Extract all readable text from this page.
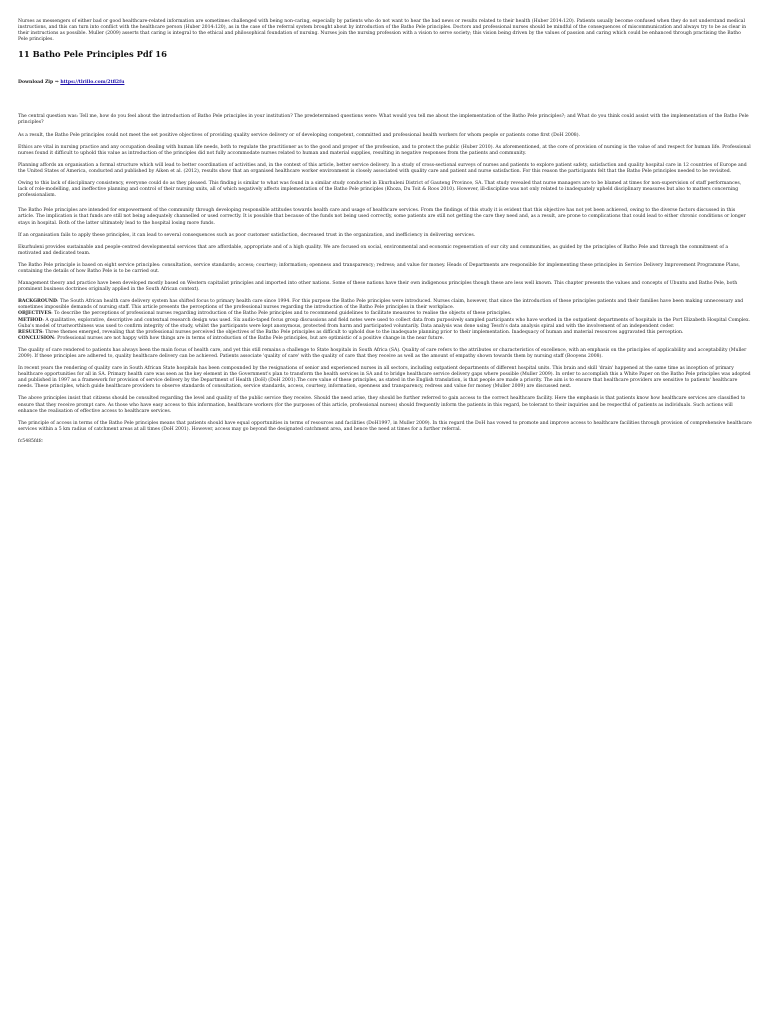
Nurses as messengers of either bad or good healthcare-related information are sometimes challenged with being non-caring, especially by patients who do not want to hear the bad news or results related to their health (Huber 2014:120). Patients usually become confused when they do not understand medical instructions, and this can turn into conflict with the healthcare person (Huber 2014:120), as in the case of the referral system brought about by introduction of the Batho Pele principles. Doctors and professional nurses should be mindful of the consequences of miscommunication and always try to be as clear in their instructions as possible. Muller (2009) asserts that caring is integral to the ethical and philosophical foundation of nursing. Nurses join the nursing profession with a vision to serve society; this vision being driven by the values of passion and caring which could be enhanced through practising the Batho Pele principles.

11 Batho Pele Principles Pdf 16
Download Zip ⇒ https://tlrillo.com/2tfl2fu

The central question was: Tell me, how do you feel about the introduction of Batho Pele principles in your institution? The predetermined questions were: What would you tell me about the implementation of the Batho Pele principles?; and What do you think could assist with the implementation of the Batho Pele principles?

As a result, the Batho Pele principles could not meet the set positive objectives of providing quality service delivery or of developing competent, committed and professional health workers for whom people or patients come first (DoH 2008).

Ethics are vital in nursing practice and any occupation dealing with human life needs, both to regulate the practitioner as to the good and proper of the profession, and to protect the public (Huber 2010). As aforementioned, at the core of provision of nursing is the value of and respect for human life. Professional nurses found it difficult to uphold this value as introduction of the principles did not fully accommodate nurses related to human and material supplies, resulting in negative responses from the patients and community.

Planning affords an organisation a formal structure which will lead to better coordination of activities and, in the context of this article, better service delivery. In a study of cross-sectional surveys of nurses and patients to explore patient safety, satisfaction and quality hospital care in 12 countries of Europe and the United States of America, conducted and published by Aiken et al. (2012), results show that an organised healthcare worker environment is closely associated with quality care and patient and nurse satisfaction. For this reason the participants felt that the Batho Pele principles needed to be revisited.

Owing to this lack of disciplinary consistency, everyone could do as they pleased. This finding is similar to what was found in a similar study conducted in Ekurhuleni District of Gauteng Province, SA. That study revealed that nurse managers are to be blamed at times for non-supervision of staff performances, lack of role-modelling, and ineffective planning and control of their nursing units, all of which negatively affects implementation of the Batho Pele principles (Khoza, Du Toit & Roos 2010). However, ill-discipline was not only related to inadequately upheld disciplinary measures but also to matters concerning professionalism.

The Batho Pele principles are intended for empowerment of the community through developing responsible attitudes towards health care and usage of healthcare services. From the findings of this study it is evident that this objective has not yet been achieved, owing to the diverse factors discussed in this article. The implication is that funds are still not being adequately channelled or used correctly. It is possible that because of the funds not being used correctly, some patients are still not getting the care they need and, as a result, are prone to complications that could lead to either chronic conditions or longer stays in hospital. Both of the latter ultimately lead to the hospital losing more funds.

If an organisation fails to apply these principles, it can lead to several consequences such as poor customer satisfaction, decreased trust in the organization, and inefficiency in delivering services.

Ekurhuleni provides sustainable and people-centred developmental services that are affordable, appropriate and of a high quality. We are focused on social, environmental and economic regeneration of our city and communities, as guided by the principles of Batho Pele and through the commitment of a motivated and dedicated team.

The Batho Pele principle is based on eight service principles: consultation, service standards; access; courtesy; information; openness and transparency; redress; and value for money. Heads of Departments are responsible for implementing these principles in Service Delivery Improvement Programme Plans, containing the details of how Batho Pele is to be carried out.

Management theory and practice have been developed mostly based on Western capitalist principles and imported into other nations. Some of these nations have their own indigenous principles though these are less well known. This chapter presents the values and concepts of Ubuntu and Batho Pele, both prominent business doctrines originally applied in the South African context).

BACKGROUND: The South African health care delivery system has shifted focus to primary health care since 1994. For this purpose the Batho Pele principles were introduced. Nurses claim, however, that since the introduction of these principles patients and their families have been making unnecessary and sometimes impossible demands of nursing staff. This article presents the perceptions of the professional nurses regarding the introduction of the Batho Pele principles in their workplace.

OBJECTIVES: To describe the perceptions of professional nurses regarding introduction of the Batho Pele principles and to recommend guidelines to facilitate measures to realise the objects of these principles.

METHOD: A qualitative, explorative, descriptive and contextual research design was used. Six audio-taped focus group discussions and field notes were used to collect data from purposively sampled participants who have worked in the outpatient departments of hospitals in the Port Elizabeth Hospital Complex. Guba's model of trustworthiness was used to confirm integrity of the study, whilst the participants were kept anonymous, protected from harm and participated voluntarily. Data analysis was done using Tesch's data analysis spiral and with the involvement of an independent coder.

RESULTS: Three themes emerged, revealing that the professional nurses perceived the objectives of the Batho Pele principles as difficult to uphold due to the inadequate planning prior to their implementation. Inadequacy of human and material resources aggravated this perception.

CONCLUSION: Professional nurses are not happy with how things are in terms of introduction of the Batho Pele principles, but are optimistic of a positive change in the near future.

The quality of care rendered to patients has always been the main focus of health care, and yet this still remains a challenge to State hospitals in South Africa (SA). Quality of care refers to the attributes or characteristics of excellence, with an emphasis on the principles of applicability and acceptability (Muller 2009). If these principles are adhered to, quality healthcare delivery can be achieved. Patients associate 'quality of care' with the quality of care that they receive as well as the amount of empathy shown towards them by nursing staff (Booyens 2008).

In recent years the rendering of quality care in South African State hospitals has been compounded by the resignations of senior and experienced nurses in all sectors, including outpatient departments of different hospital units. This brain and skill 'drain' happened at the same time as inception of primary healthcare opportunities for all in SA. Primary health care was seen as the key element in the Government's plan to transform the health services in SA and to bridge healthcare service delivery gaps where possible (Muller 2009). In order to accomplish this a White Paper on the Batho Pele principles was adopted and published in 1997 as a framework for provision of service delivery by the Department of Health (DoH) (DoH 2001).The core value of these principles, as stated in the English translation, is that people are made a priority. The aim is to ensure that healthcare providers are sensitive to patients' healthcare needs. These principles, which guide healthcare providers to observe standards of consultation, service standards, access, courtesy, information, openness and transparency, redress and value for money (Muller 2009) are discussed next.

The above principles insist that citizens should be consulted regarding the level and quality of the public service they receive. Should the need arise, they should be further referred to gain access to the correct healthcare facility. Here the emphasis is that patients know how healthcare services are classified to ensure that they receive prompt care. As those who have easy access to this information, healthcare workers (for the purposes of this article, professional nurses) should frequently inform the patients in this regard, be tolerant to their inquiries and be respectful of patients as individuals. Such actions will enhance the realisation of effective access to healthcare services.

The principle of access in terms of the Batho Pele principles means that patients should have equal opportunities in terms of resources and facilities (DoH1997, in Muller 2009). In this regard the DoH has vowed to promote and improve access to healthcare facilities through provision of comprehensive healthcare services within a 5 km radius of catchment areas at all times (DoH 2001). However, access may go beyond the designated catchment area, and hence the need at times for a further referral.

fc5485fdfc
